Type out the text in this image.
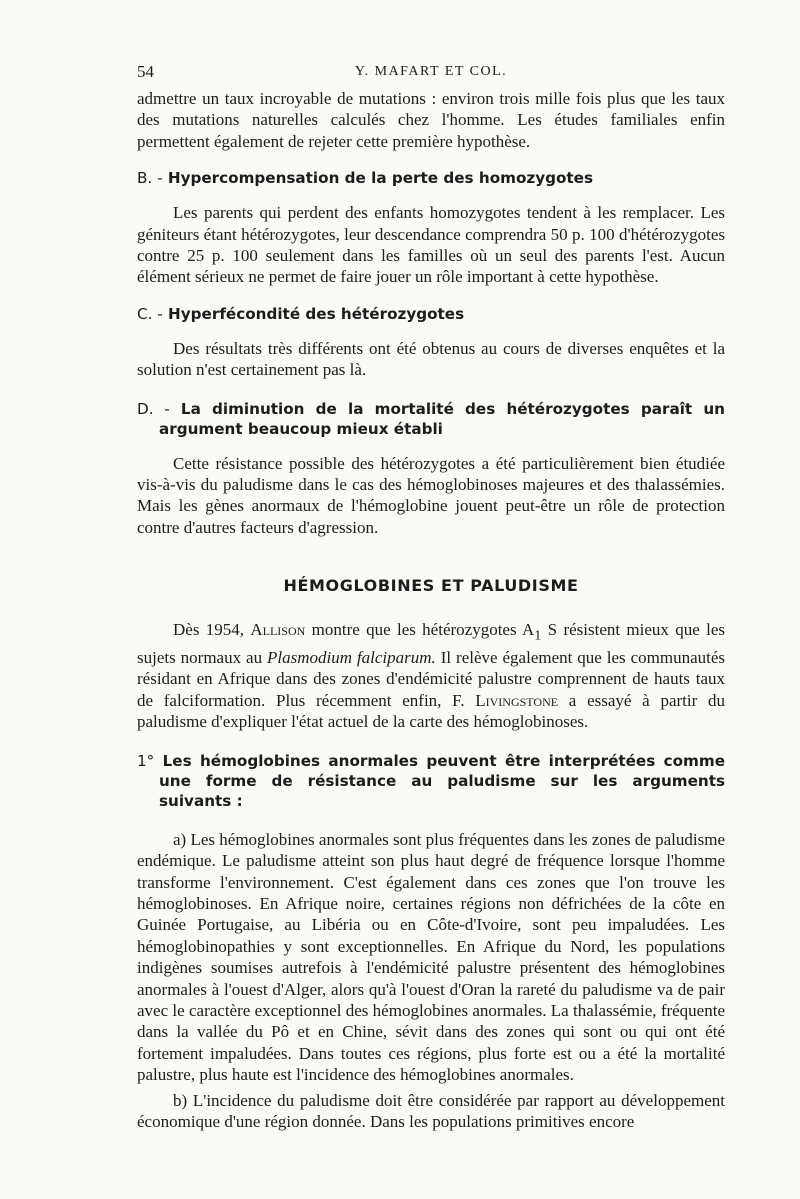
54	Y. MAFART ET COL.

admettre un taux incroyable de mutations : environ trois mille fois plus que les taux des mutations naturelles calculés chez l'homme. Les études familiales enfin permettent également de rejeter cette première hypothèse.

B. - Hypercompensation de la perte des homozygotes

Les parents qui perdent des enfants homozygotes tendent à les remplacer. Les géniteurs étant hétérozygotes, leur descendance comprendra 50 p. 100 d'hétérozygotes contre 25 p. 100 seulement dans les familles où un seul des parents l'est. Aucun élément sérieux ne permet de faire jouer un rôle important à cette hypothèse.

C. - Hyperfécondité des hétérozygotes

Des résultats très différents ont été obtenus au cours de diverses enquêtes et la solution n'est certainement pas là.

D. - La diminution de la mortalité des hétérozygotes paraît un argument beaucoup mieux établi

Cette résistance possible des hétérozygotes a été particulièrement bien étudiée vis-à-vis du paludisme dans le cas des hémoglobinoses majeures et des thalassémies. Mais les gènes anormaux de l'hémoglobine jouent peut-être un rôle de protection contre d'autres facteurs d'agression.

HÉMOGLOBINES ET PALUDISME

Dès 1954, Allison montre que les hétérozygotes $A_1$ S résistent mieux que les sujets normaux au Plasmodium falciparum. Il relève également que les communautés résidant en Afrique dans des zones d'endémicité palustre comprennent de hauts taux de falciformation. Plus récemment enfin, F. Livingstone a essayé à partir du paludisme d'expliquer l'état actuel de la carte des hémoglobinoses.

1° Les hémoglobines anormales peuvent être interprétées comme une forme de résistance au paludisme sur les arguments suivants :

a) Les hémoglobines anormales sont plus fréquentes dans les zones de paludisme endémique. Le paludisme atteint son plus haut degré de fréquence lorsque l'homme transforme l'environnement. C'est également dans ces zones que l'on trouve les hémoglobinoses. En Afrique noire, certaines régions non défrichées de la côte en Guinée Portugaise, au Libéria ou en Côte-d'Ivoire, sont peu impaludées. Les hémoglobinopathies y sont exceptionnelles. En Afrique du Nord, les populations indigènes soumises autrefois à l'endémicité palustre présentent des hémoglobines anormales à l'ouest d'Alger, alors qu'à l'ouest d'Oran la rareté du paludisme va de pair avec le caractère exceptionnel des hémoglobines anormales. La thalassémie, fréquente dans la vallée du Pô et en Chine, sévit dans des zones qui sont ou qui ont été fortement impaludées. Dans toutes ces régions, plus forte est ou a été la mortalité palustre, plus haute est l'incidence des hémoglobines anormales.

b) L'incidence du paludisme doit être considérée par rapport au développement économique d'une région donnée. Dans les populations primitives encore
